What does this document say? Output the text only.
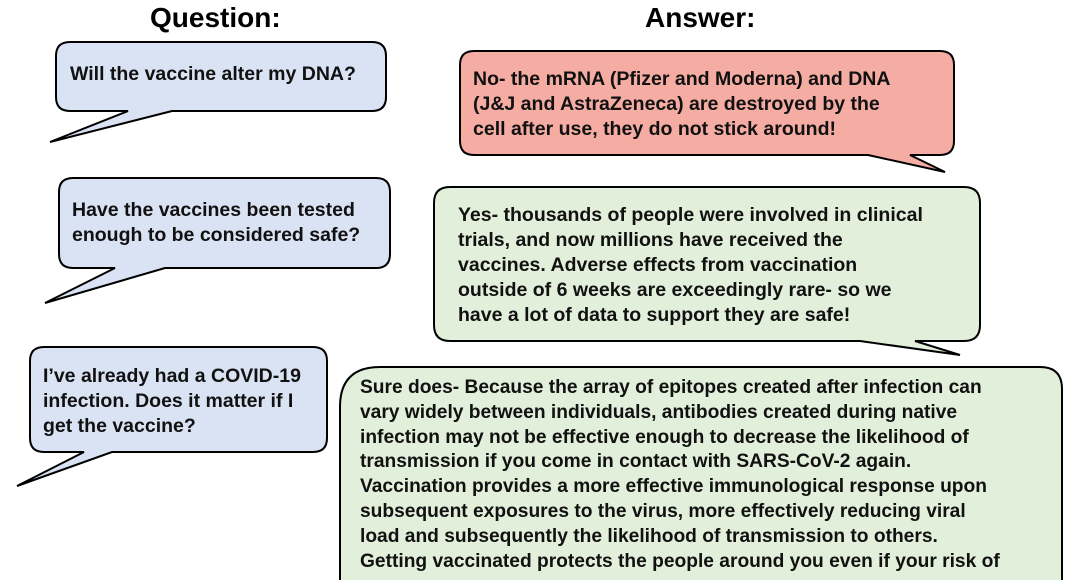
Question:	Answer:

Will the vaccine alter my DNA?

Have the vaccines been tested
enough to be considered safe?

I’ve already had a COVID-19
infection. Does it matter if I
get the vaccine?

No- the mRNA (Pfizer and Moderna) and DNA
(J&J and AstraZeneca) are destroyed by the
cell after use, they do not stick around!

Yes- thousands of people were involved in clinical
trials, and now millions have received the
vaccines. Adverse effects from vaccination
outside of 6 weeks are exceedingly rare- so we
have a lot of data to support they are safe!

Sure does- Because the array of epitopes created after infection can
vary widely between individuals, antibodies created during native
infection may not be effective enough to decrease the likelihood of
transmission if you come in contact with SARS-CoV-2 again.
Vaccination provides a more effective immunological response upon
subsequent exposures to the virus, more effectively reducing viral
load and subsequently the likelihood of transmission to others.
Getting vaccinated protects the people around you even if your risk of
